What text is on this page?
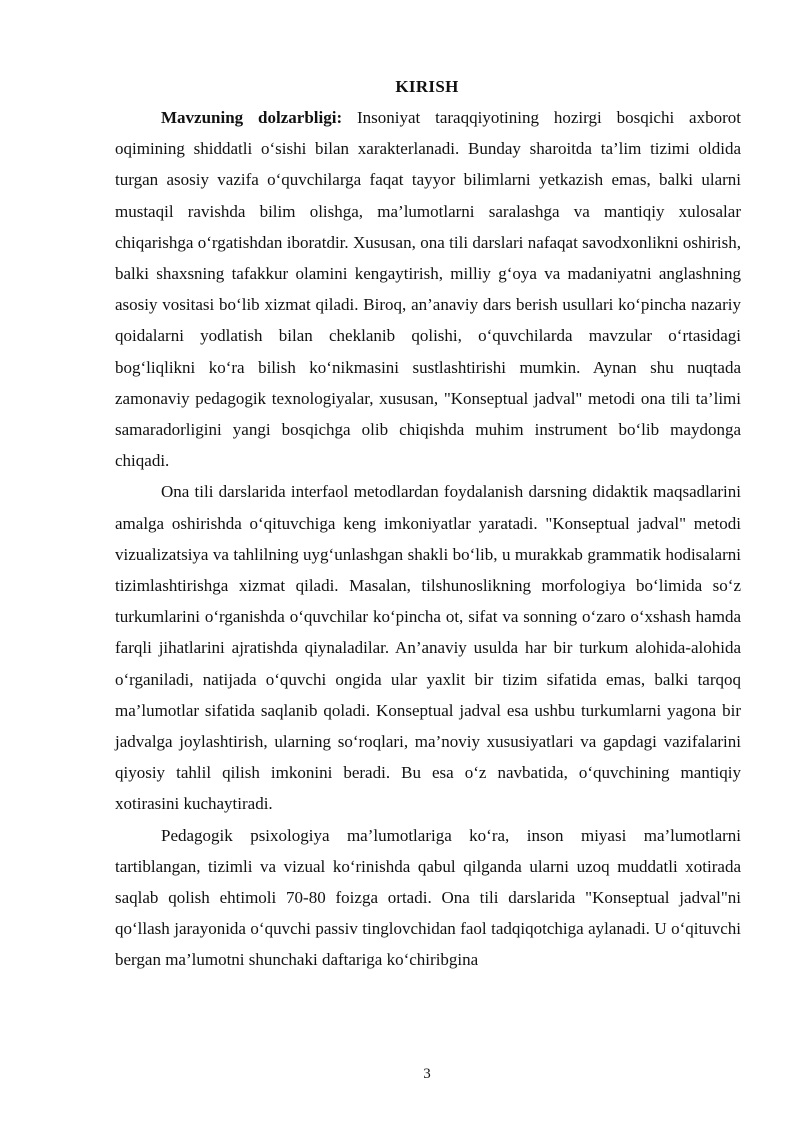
KIRISH

Mavzuning dolzarbligi: Insoniyat taraqqiyotining hozirgi bosqichi axborot oqimining shiddatli o‘sishi bilan xarakterlanadi. Bunday sharoitda ta’lim tizimi oldida turgan asosiy vazifa o‘quvchilarga faqat tayyor bilimlarni yetkazish emas, balki ularni mustaqil ravishda bilim olishga, ma’lumotlarni saralashga va mantiqiy xulosalar chiqarishga o‘rgatishdan iboratdir. Xususan, ona tili darslari nafaqat savodxonlikni oshirish, balki shaxsning tafakkur olamini kengaytirish, milliy g‘oya va madaniyatni anglashning asosiy vositasi bo‘lib xizmat qiladi. Biroq, an’anaviy dars berish usullari ko‘pincha nazariy qoidalarni yodlatish bilan cheklanib qolishi, o‘quvchilarda mavzular o‘rtasidagi bog‘liqlikni ko‘ra bilish ko‘nikmasini sustlashtirishi mumkin. Aynan shu nuqtada zamonaviy pedagogik texnologiyalar, xususan, "Konseptual jadval" metodi ona tili ta’limi samaradorligini yangi bosqichga olib chiqishda muhim instrument bo‘lib maydonga chiqadi.

Ona tili darslarida interfaol metodlardan foydalanish darsning didaktik maqsadlarini amalga oshirishda o‘qituvchiga keng imkoniyatlar yaratadi. "Konseptual jadval" metodi vizualizatsiya va tahlilning uyg‘unlashgan shakli bo‘lib, u murakkab grammatik hodisalarni tizimlashtirishga xizmat qiladi. Masalan, tilshunoslikning morfologiya bo‘limida so‘z turkumlarini o‘rganishda o‘quvchilar ko‘pincha ot, sifat va sonning o‘zaro o‘xshash hamda farqli jihatlarini ajratishda qiynaladilar. An’anaviy usulda har bir turkum alohida-alohida o‘rganiladi, natijada o‘quvchi ongida ular yaxlit bir tizim sifatida emas, balki tarqoq ma’lumotlar sifatida saqlanib qoladi. Konseptual jadval esa ushbu turkumlarni yagona bir jadvalga joylashtirish, ularning so‘roqlari, ma’noviy xususiyatlari va gapdagi vazifalarini qiyosiy tahlil qilish imkonini beradi. Bu esa o‘z navbatida, o‘quvchining mantiqiy xotirasini kuchaytiradi.

Pedagogik psixologiya ma’lumotlariga ko‘ra, inson miyasi ma’lumotlarni tartiblangan, tizimli va vizual ko‘rinishda qabul qilganda ularni uzoq muddatli xotirada saqlab qolish ehtimoli 70-80 foizga ortadi. Ona tili darslarida "Konseptual jadval"ni qo‘llash jarayonida o‘quvchi passiv tinglovchidan faol tadqiqotchiga aylanadi. U o‘qituvchi bergan ma’lumotni shunchaki daftariga ko‘chiribgina

3
